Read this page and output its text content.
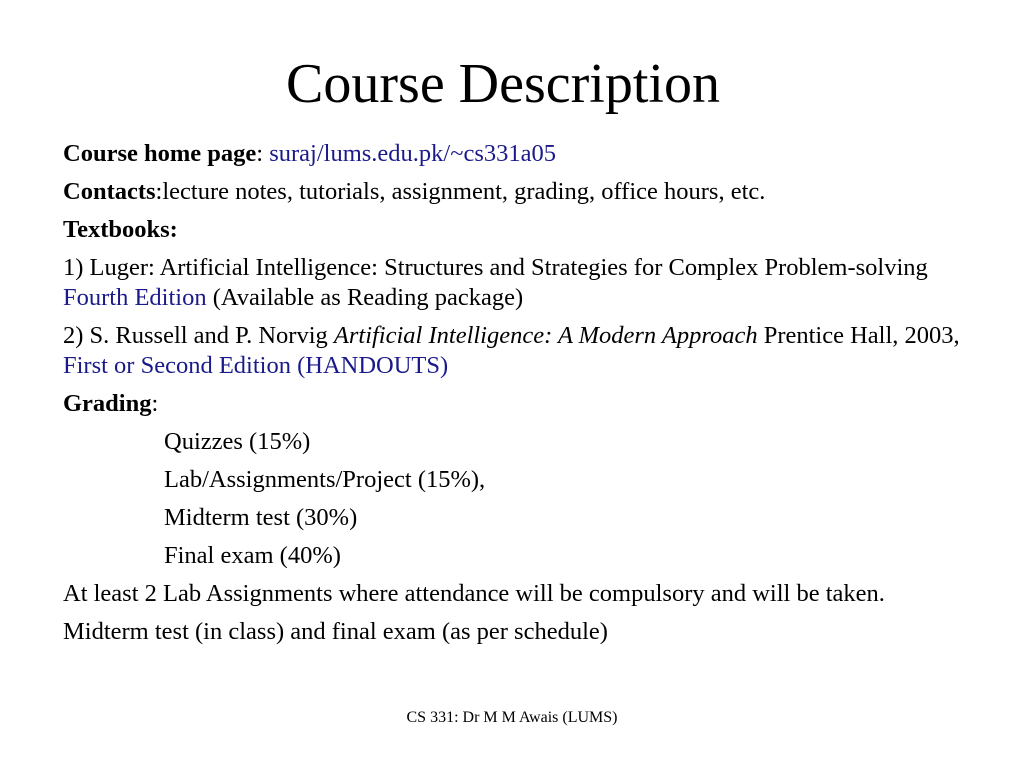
Course Description

Course home page: suraj/lums.edu.pk/~cs331a05

Contacts:lecture notes, tutorials, assignment, grading, office hours, etc.

Textbooks:

1) Luger: Artificial Intelligence: Structures and Strategies for Complex Problem-solving Fourth Edition (Available as Reading package)

2) S. Russell and P. Norvig Artificial Intelligence: A Modern Approach Prentice Hall, 2003, First or Second Edition (HANDOUTS)

Grading:

Quizzes (15%)

Lab/Assignments/Project (15%),

Midterm test (30%)

Final exam (40%)

At least 2 Lab Assignments where attendance will be compulsory and will be taken.

Midterm test (in class) and final exam (as per schedule)

CS 331: Dr M M Awais (LUMS)
